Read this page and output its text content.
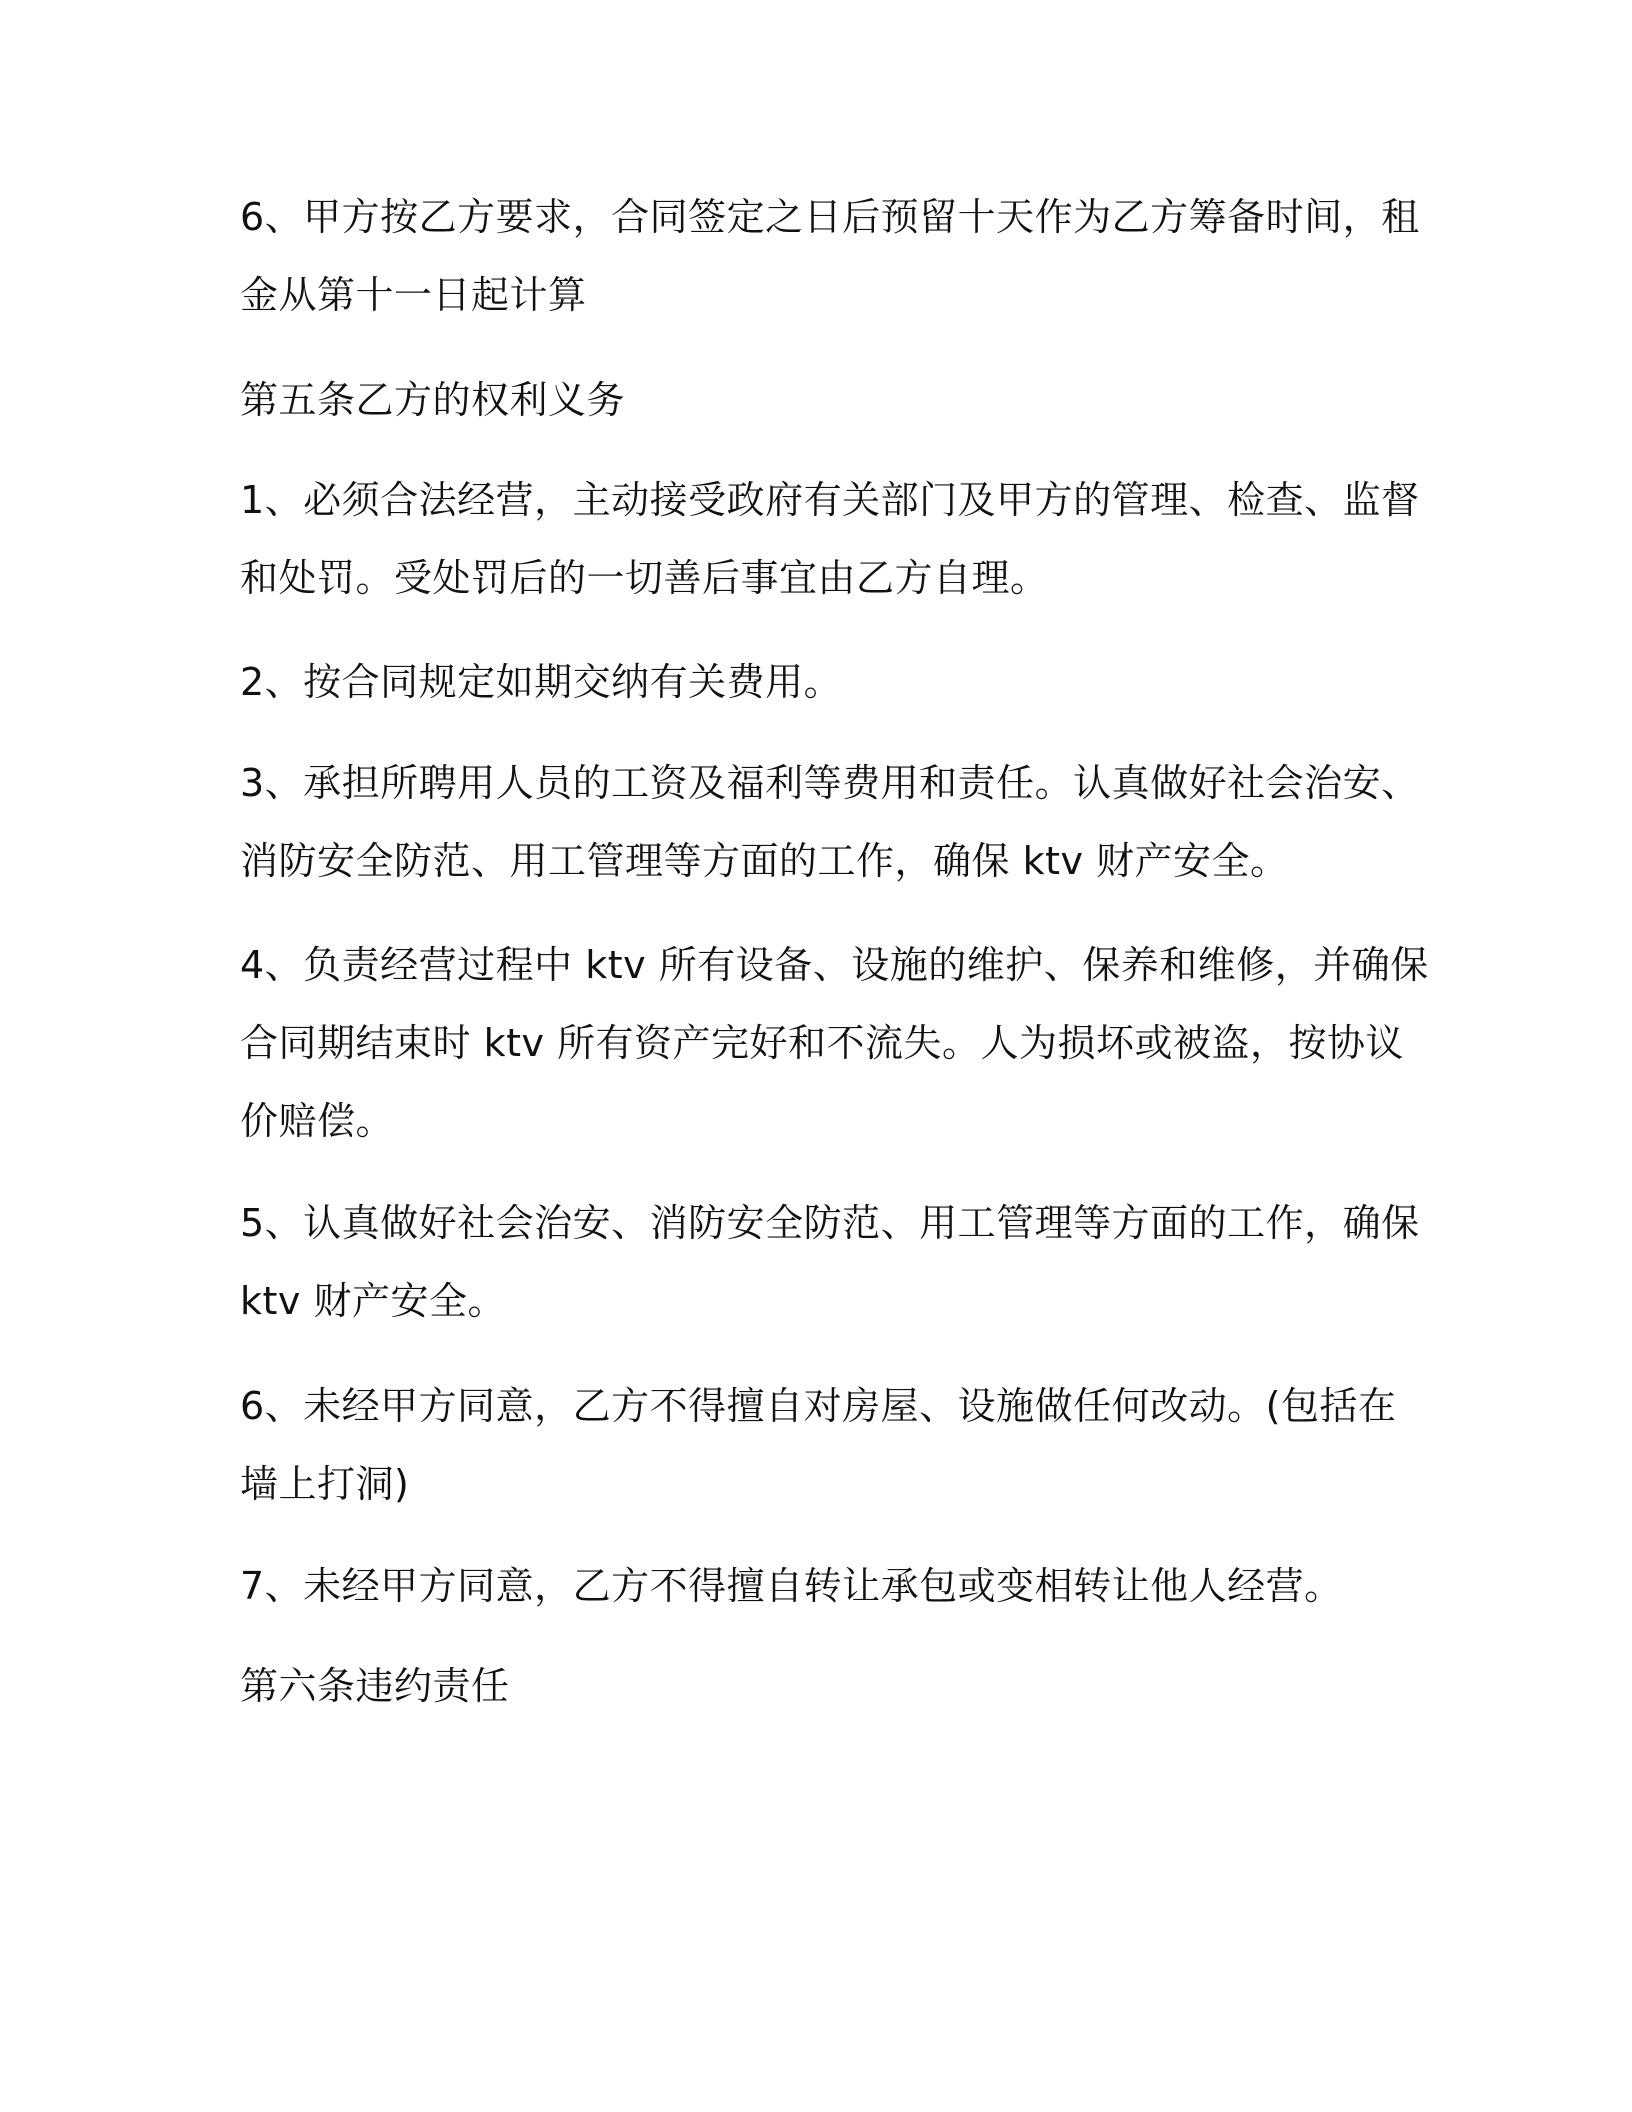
6、甲方按乙方要求，合同签定之日后预留十天作为乙方筹备时间，租
金从第十一日起计算
第五条乙方的权利义务
1、必须合法经营，主动接受政府有关部门及甲方的管理、检查、监督
和处罚。受处罚后的一切善后事宜由乙方自理。
2、按合同规定如期交纳有关费用。
3、承担所聘用人员的工资及福利等费用和责任。认真做好社会治安、
消防安全防范、用工管理等方面的工作，确保 ktv 财产安全。
4、负责经营过程中 ktv 所有设备、设施的维护、保养和维修，并确保
合同期结束时 ktv 所有资产完好和不流失。人为损坏或被盗，按协议
价赔偿。
5、认真做好社会治安、消防安全防范、用工管理等方面的工作，确保
ktv 财产安全。
6、未经甲方同意，乙方不得擅自对房屋、设施做任何改动。(包括在
墙上打洞)
7、未经甲方同意，乙方不得擅自转让承包或变相转让他人经营。
第六条违约责任
